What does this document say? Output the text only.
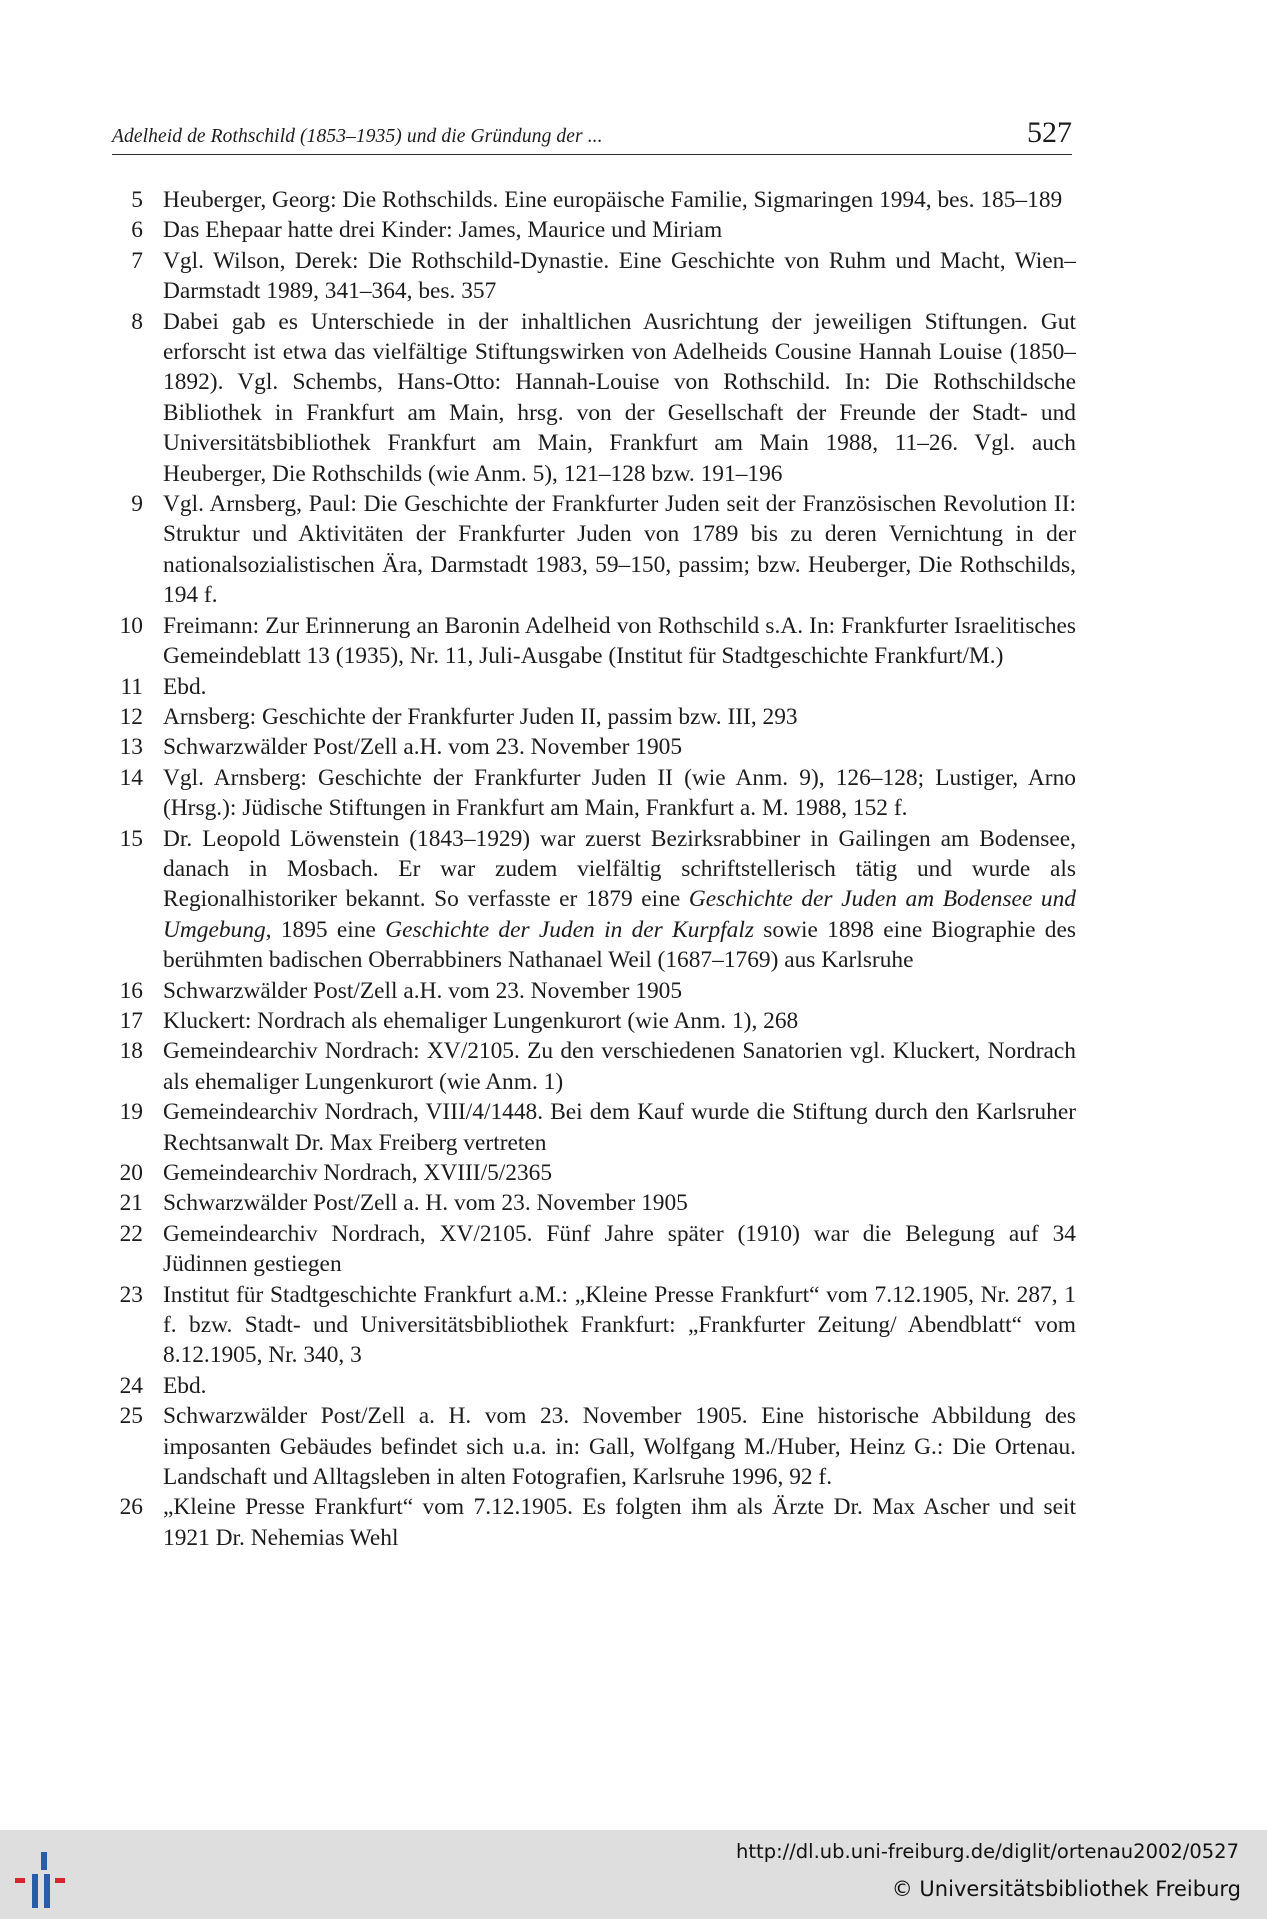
Adelheid de Rothschild (1853–1935) und die Gründung der ...	527
5 Heuberger, Georg: Die Rothschilds. Eine europäische Familie, Sigmaringen 1994, bes. 185–189
6 Das Ehepaar hatte drei Kinder: James, Maurice und Miriam
7 Vgl. Wilson, Derek: Die Rothschild-Dynastie. Eine Geschichte von Ruhm und Macht, Wien–Darmstadt 1989, 341–364, bes. 357
8 Dabei gab es Unterschiede in der inhaltlichen Ausrichtung der jeweiligen Stiftungen. Gut erforscht ist etwa das vielfältige Stiftungswirken von Adelheids Cousine Hannah Louise (1850–1892). Vgl. Schembs, Hans-Otto: Hannah-Louise von Rothschild. In: Die Rothschildsche Bibliothek in Frankfurt am Main, hrsg. von der Gesellschaft der Freunde der Stadt- und Universitätsbibliothek Frankfurt am Main, Frankfurt am Main 1988, 11–26. Vgl. auch Heuberger, Die Rothschilds (wie Anm. 5), 121–128 bzw. 191–196
9 Vgl. Arnsberg, Paul: Die Geschichte der Frankfurter Juden seit der Französischen Revolution II: Struktur und Aktivitäten der Frankfurter Juden von 1789 bis zu deren Vernichtung in der nationalsozialistischen Ära, Darmstadt 1983, 59–150, passim; bzw. Heuberger, Die Rothschilds, 194 f.
10 Freimann: Zur Erinnerung an Baronin Adelheid von Rothschild s.A. In: Frankfurter Israelitisches Gemeindeblatt 13 (1935), Nr. 11, Juli-Ausgabe (Institut für Stadtgeschichte Frankfurt/M.)
11 Ebd.
12 Arnsberg: Geschichte der Frankfurter Juden II, passim bzw. III, 293
13 Schwarzwälder Post/Zell a.H. vom 23. November 1905
14 Vgl. Arnsberg: Geschichte der Frankfurter Juden II (wie Anm. 9), 126–128; Lustiger, Arno (Hrsg.): Jüdische Stiftungen in Frankfurt am Main, Frankfurt a. M. 1988, 152 f.
15 Dr. Leopold Löwenstein (1843–1929) war zuerst Bezirksrabbiner in Gailingen am Bodensee, danach in Mosbach. Er war zudem vielfältig schriftstellerisch tätig und wurde als Regionalhistoriker bekannt. So verfasste er 1879 eine Geschichte der Juden am Bodensee und Umgebung, 1895 eine Geschichte der Juden in der Kurpfalz sowie 1898 eine Biographie des berühmten badischen Oberrabbiners Nathanael Weil (1687–1769) aus Karlsruhe
16 Schwarzwälder Post/Zell a.H. vom 23. November 1905
17 Kluckert: Nordrach als ehemaliger Lungenkurort (wie Anm. 1), 268
18 Gemeindearchiv Nordrach: XV/2105. Zu den verschiedenen Sanatorien vgl. Kluckert, Nordrach als ehemaliger Lungenkurort (wie Anm. 1)
19 Gemeindearchiv Nordrach, VIII/4/1448. Bei dem Kauf wurde die Stiftung durch den Karlsruher Rechtsanwalt Dr. Max Freiberg vertreten
20 Gemeindearchiv Nordrach, XVIII/5/2365
21 Schwarzwälder Post/Zell a. H. vom 23. November 1905
22 Gemeindearchiv Nordrach, XV/2105. Fünf Jahre später (1910) war die Belegung auf 34 Jüdinnen gestiegen
23 Institut für Stadtgeschichte Frankfurt a.M.: „Kleine Presse Frankfurt“ vom 7.12.1905, Nr. 287, 1 f. bzw. Stadt- und Universitätsbibliothek Frankfurt: „Frankfurter Zeitung/ Abendblatt“ vom 8.12.1905, Nr. 340, 3
24 Ebd.
25 Schwarzwälder Post/Zell a. H. vom 23. November 1905. Eine historische Abbildung des imposanten Gebäudes befindet sich u.a. in: Gall, Wolfgang M./Huber, Heinz G.: Die Ortenau. Landschaft und Alltagsleben in alten Fotografien, Karlsruhe 1996, 92 f.
26 „Kleine Presse Frankfurt“ vom 7.12.1905. Es folgten ihm als Ärzte Dr. Max Ascher und seit 1921 Dr. Nehemias Wehl
http://dl.ub.uni-freiburg.de/diglit/ortenau2002/0527
© Universitätsbibliothek Freiburg
